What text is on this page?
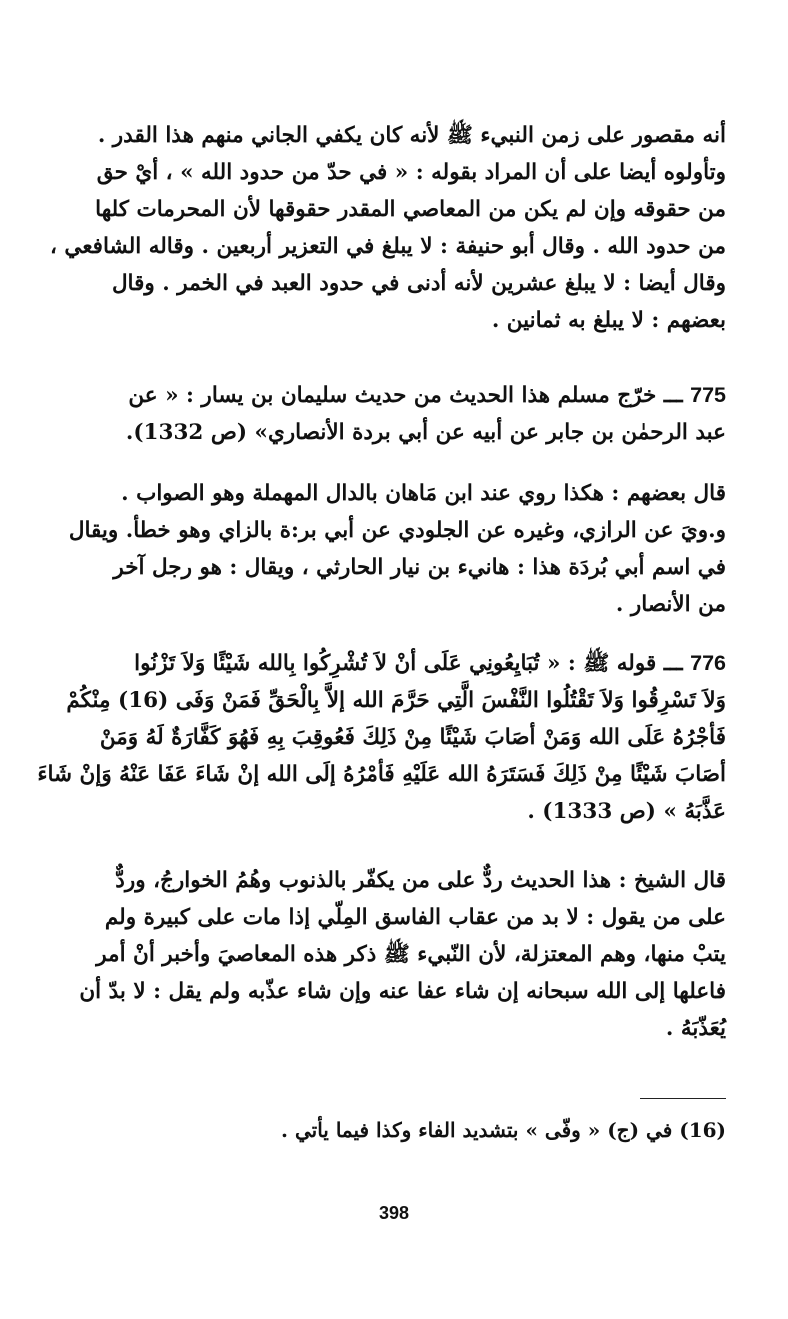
أنه مقصور على زمن النبيء ﷺ لأنه كان يكفي الجاني منهم هذا القدر .
وتأولوه أيضا على أن المراد بقوله : « في حدّ من حدود الله » ، أيْ حق
من حقوقه وإن لم يكن من المعاصي المقدر حقوقها لأن المحرمات كلها
من حدود الله . وقال أبو حنيفة : لا يبلغ في التعزير أربعين . وقاله الشافعي ،
وقال أيضا : لا يبلغ عشرين لأنه أدنى في حدود العبد في الخمر . وقال
بعضهم : لا يبلغ به ثمانين .
775 ـــ خرّج مسلم هذا الحديث من حديث سليمان بن يسار : « عن
عبد الرحمٰن بن جابر عن أبيه عن أبي بردة الأنصاري» (ص 1332).
قال بعضهم : هكذا روي عند ابن مَاهان بالدال المهملة وهو الصواب .
و.ويَ عن الرازي، وغيره عن الجلودي عن أبي بر:ة بالزاي وهو خطأ. ويقال
في اسم أبي بُردَة هذا : هانيء بن نيار الحارثي ، ويقال : هو رجل آخر
من الأنصار .
776 ـــ قوله ﷺ : « تُبَايِعُونِي عَلَى أنْ لاَ تُشْرِكُوا بِالله شَيْئًا وَلاَ تَزْنُوا
وَلاَ تَسْرِقُوا وَلاَ تَقْتُلُوا النَّفْسَ الَّتِي حَرَّمَ الله إلاَّ بِالْحَقِّ فَمَنْ وَفَى (16) مِنْكُمْ
فَأجْرُهُ عَلَى الله وَمَنْ أصَابَ شَيْئًا مِنْ ذَلِكَ فَعُوقِبَ بِهِ فَهُوَ كَفَّارَةٌ لَهُ وَمَنْ
أصَابَ شَيْئًا مِنْ ذَلِكَ فَسَتَرَهُ الله عَلَيْهِ فَأمْرُهُ إلَى الله إنْ شَاءَ عَفَا عَنْهُ وَإنْ شَاءَ
عَذَّبَهُ » (ص 1333) .
قال الشيخ : هذا الحديث ردٌّ على من يكفّر بالذنوب وهُمُ الخوارجُ، وردٌّ
على من يقول : لا بد من عقاب الفاسق المِلّي إذا مات على كبيرة ولم
يتبْ منها، وهم المعتزلة، لأن النّبيء ﷺ ذكر هذه المعاصيَ وأخبر أنْ أمر
فاعلها إلى الله سبحانه إن شاء عفا عنه وإن شاء عذّبه ولم يقل : لا بدّ أن
يُعَذّبَهُ .
(16) في (ج) « وفّى » بتشديد الفاء وكذا فيما يأتي .
398
